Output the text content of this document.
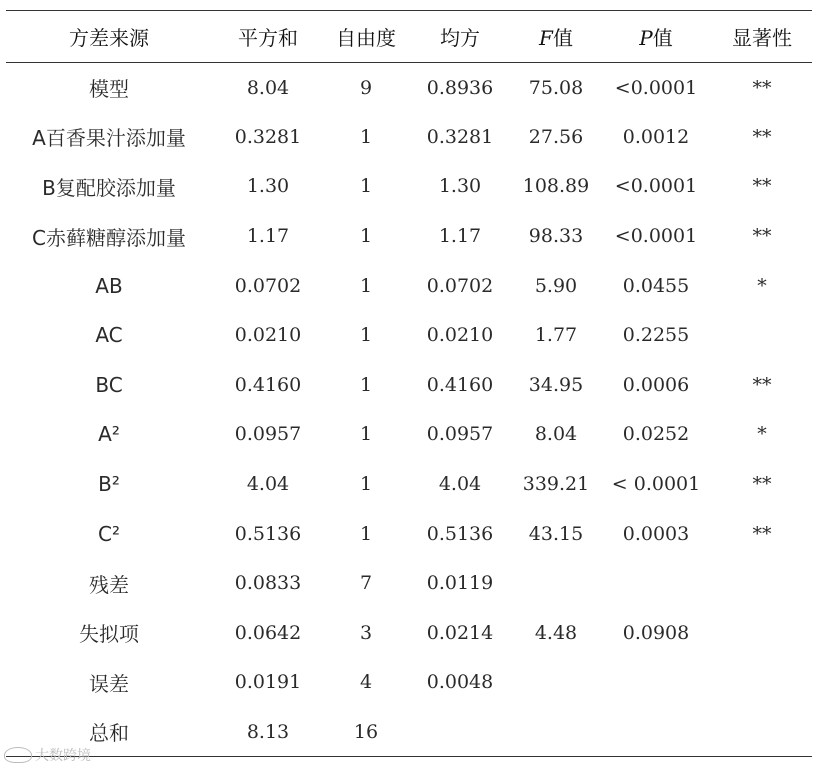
方差来源	平方和	自由度	均方	F值	P值	显著性
模型	8.04	9	0.8936	75.08	<0.0001	**
A百香果汁添加量	0.3281	1	0.3281	27.56	0.0012	**
B复配胶添加量	1.30	1	1.30	108.89	<0.0001	**
C赤藓糖醇添加量	1.17	1	1.17	98.33	<0.0001	**
AB	0.0702	1	0.0702	5.90	0.0455	*
AC	0.0210	1	0.0210	1.77	0.2255	
BC	0.4160	1	0.4160	34.95	0.0006	**
A²	0.0957	1	0.0957	8.04	0.0252	*
B²	4.04	1	4.04	339.21	< 0.0001	**
C²	0.5136	1	0.5136	43.15	0.0003	**
残差	0.0833	7	0.0119			
失拟项	0.0642	3	0.0214	4.48	0.0908	
误差	0.0191	4	0.0048			
总和	8.13	16				
大数跨境
